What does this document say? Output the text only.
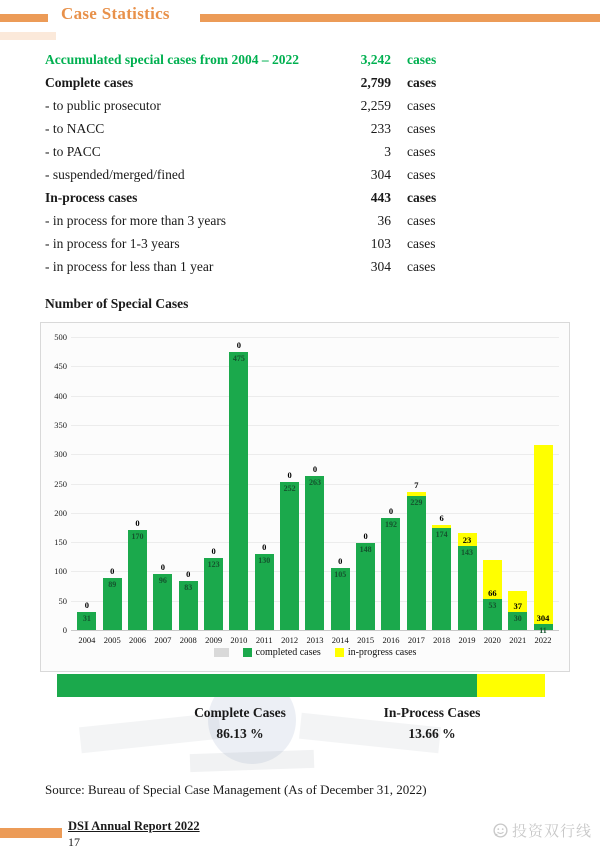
Case Statistics
Accumulated special cases from 2004 – 2022	3,242	cases
Complete cases	2,799	cases
- to public prosecutor	2,259	cases
- to NACC	233	cases
- to PACC	3	cases
- suspended/merged/fined	304	cases
In-process cases	443	cases
- in process for more than 3 years	36	cases
- in process for 1-3 years	103	cases
- in process for less than 1 year	304	cases
Number of Special Cases
0
50
100
150
200
250
300
350
400
450
500
31
0
2004
89
0
2005
170
0
2006
96
0
2007
83
0
2008
123
0
2009
475
0
2010
130
0
2011
252
0
2012
263
0
2013
105
0
2014
148
0
2015
192
0
2016
229
7
2017
174
6
2018
143
23
2019
53
66
2020
30
37
2021
11
304
2022
completed cases	in-progress cases
Complete Cases
86.13 %
In-Process Cases
13.66 %
Source: Bureau of Special Case Management (As of December 31, 2022)
DSI Annual Report 2022
17
投资双行线
